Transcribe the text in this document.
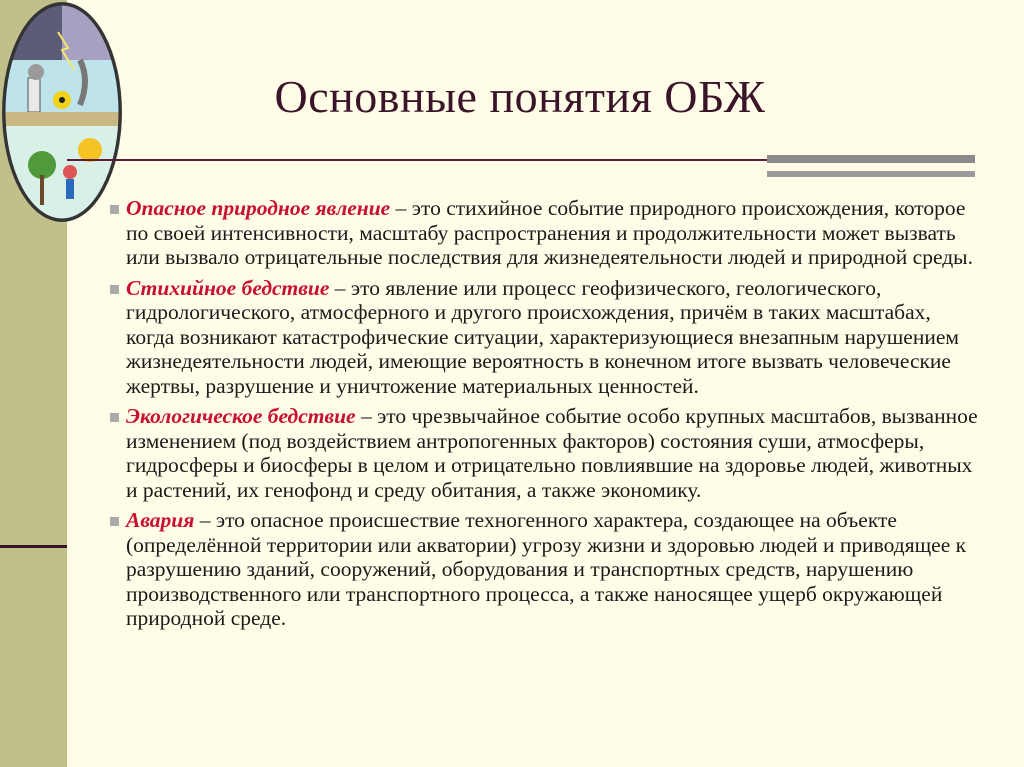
Основные понятия ОБЖ
Опасное природное явление – это стихийное событие природного происхождения, которое по своей интенсивности, масштабу распространения и продолжительности может вызвать или вызвало отрицательные последствия для жизнедеятельности людей и природной среды.
Стихийное бедствие – это явление или процесс геофизического, геологического, гидрологического, атмосферного и другого происхождения, причём в таких масштабах, когда возникают катастрофические ситуации, характеризующиеся внезапным нарушением жизнедеятельности людей, имеющие вероятность в конечном итоге вызвать человеческие жертвы, разрушение и уничтожение материальных ценностей.
Экологическое бедствие – это чрезвычайное событие особо крупных масштабов, вызванное изменением (под воздействием антропогенных факторов) состояния суши, атмосферы, гидросферы и биосферы в целом и отрицательно повлиявшие на здоровье людей, животных и растений, их генофонд и среду обитания, а также экономику.
Авария – это опасное происшествие техногенного характера, создающее на объекте (определённой территории или акватории) угрозу жизни и здоровью людей и приводящее к разрушению зданий, сооружений, оборудования и транспортных средств, нарушению производственного или транспортного процесса, а также наносящее ущерб окружающей природной среде.
